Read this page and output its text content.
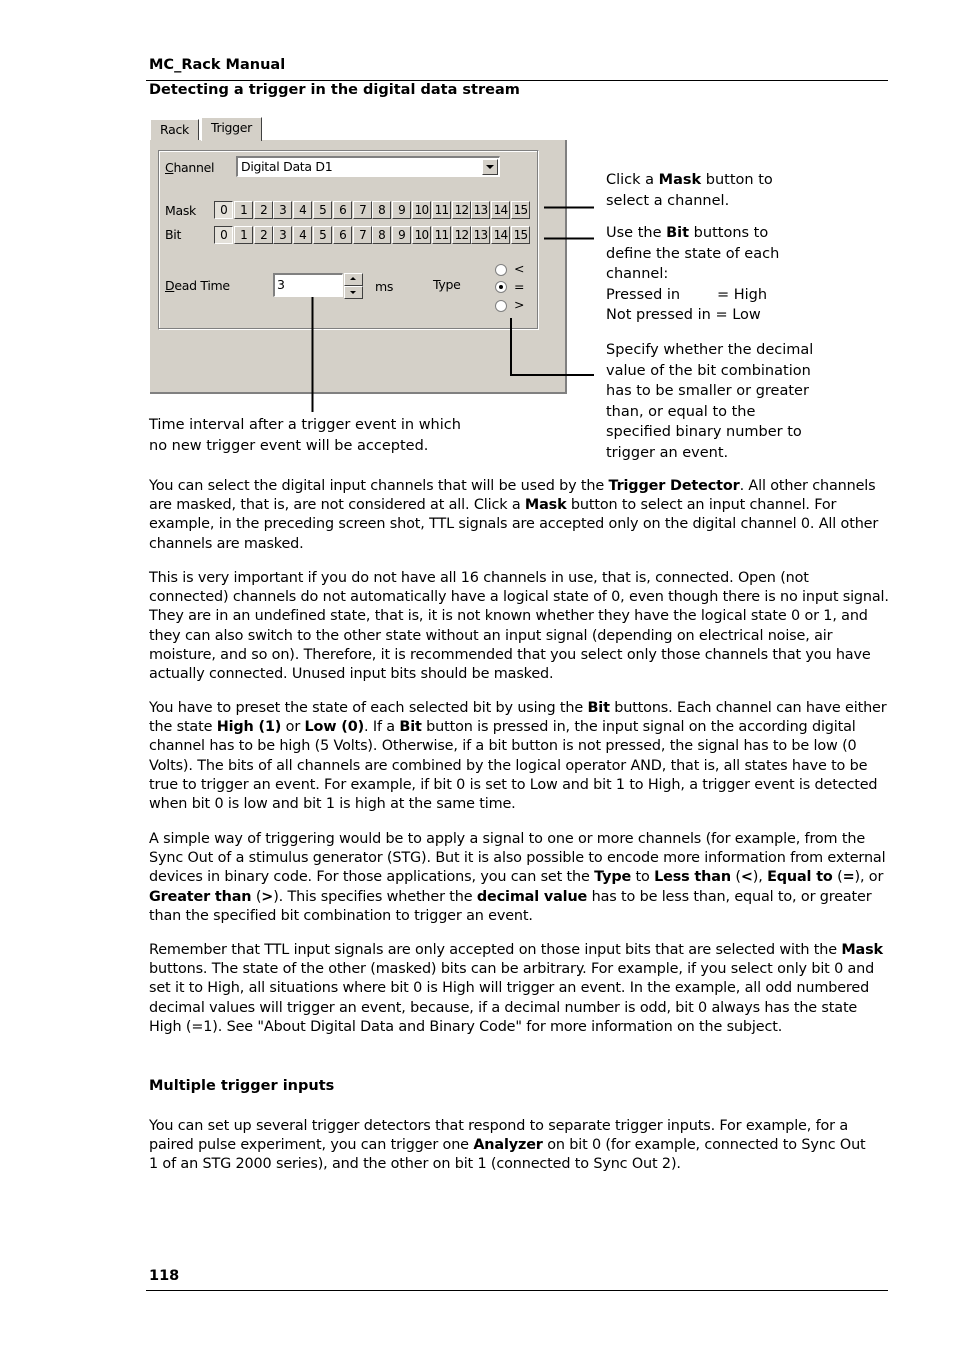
MC_Rack Manual
Detecting a trigger in the digital data stream
Rack	Trigger
Channel Digital Data D1
Mask	0	1	2	3	4	5	6	7	8	9 10 11 12 13 14 15
Bit	0	1	2	3	4	5	6	7	8	9 10 11 12 13 14 15
Dead Time	3	ms	Type
<
=
>
Click a Mask button to
select a channel.
Use the Bit buttons to
define the state of each
channel:
Pressed in        = High
Not pressed in = Low
Specify whether the decimal
value of the bit combination
has to be smaller or greater
than, or equal to the
specified binary number to
trigger an event.
Time interval after a trigger event in which
no new trigger event will be accepted.

You can select the digital input channels that will be used by the Trigger Detector. All other channels are masked, that is, are not considered at all. Click a Mask button to select an input channel. For example, in the preceding screen shot, TTL signals are accepted only on the digital channel 0. All other channels are masked.

This is very important if you do not have all 16 channels in use, that is, connected. Open (not connected) channels do not automatically have a logical state of 0, even though there is no input signal. They are in an undefined state, that is, it is not known whether they have the logical state 0 or 1, and they can also switch to the other state without an input signal (depending on electrical noise, air moisture, and so on). Therefore, it is recommended that you select only those channels that you have actually connected. Unused input bits should be masked.

You have to preset the state of each selected bit by using the Bit buttons. Each channel can have either the state High (1) or Low (0). If a Bit button is pressed in, the input signal on the according digital channel has to be high (5 Volts). Otherwise, if a bit button is not pressed, the signal has to be low (0 Volts). The bits of all channels are combined by the logical operator AND, that is, all states have to be true to trigger an event. For example, if bit 0 is set to Low and bit 1 to High, a trigger event is detected when bit 0 is low and bit 1 is high at the same time.

A simple way of triggering would be to apply a signal to one or more channels (for example, from the Sync Out of a stimulus generator (STG). But it is also possible to encode more information from external devices in binary code. For those applications, you can set the Type to Less than (<), Equal to (=), or Greater than (>). This specifies whether the decimal value has to be less than, equal to, or greater than the specified bit combination to trigger an event.

Remember that TTL input signals are only accepted on those input bits that are selected with the Mask buttons. The state of the other (masked) bits can be arbitrary. For example, if you select only bit 0 and set it to High, all situations where bit 0 is High will trigger an event. In the example, all odd numbered decimal values will trigger an event, because, if a decimal number is odd, bit 0 always has the state High (=1). See "About Digital Data and Binary Code" for more information on the subject.

Multiple trigger inputs

You can set up several trigger detectors that respond to separate trigger inputs. For example, for a paired pulse experiment, you can trigger one Analyzer on bit 0 (for example, connected to Sync Out 1 of an STG 2000 series), and the other on bit 1 (connected to Sync Out 2).

118
